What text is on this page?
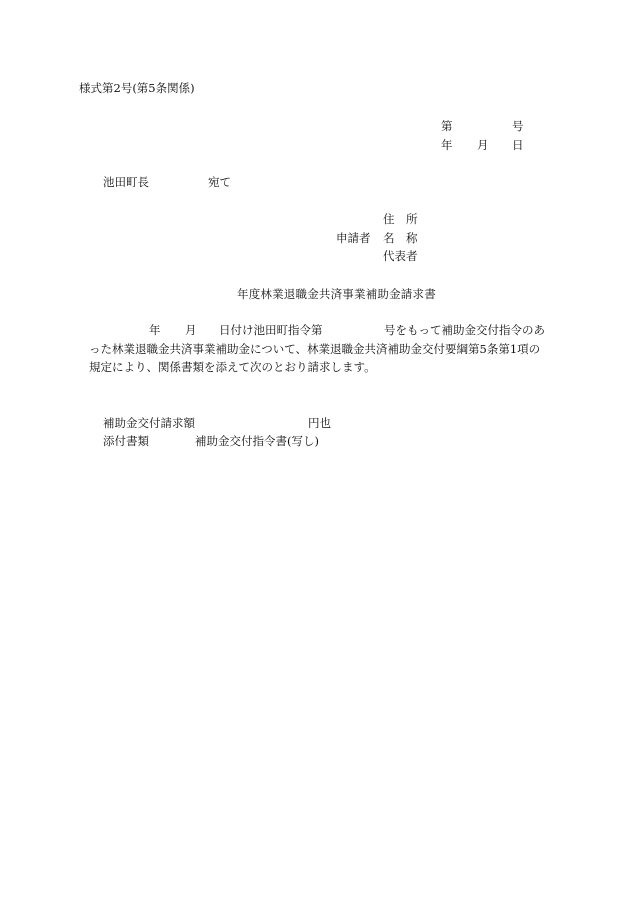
様式第2号(第5条関係)
第	号
年 月 日
池田町長	宛て
住　所
申請者 名　称
代表者
年度林業退職金共済事業補助金請求書
年 月 日付け池田町指令第	号をもって補助金交付指令のあ
った林業退職金共済事業補助金について、林業退職金共済補助金交付要綱第5条第1項の
規定により、関係書類を添えて次のとおり請求します。
補助金交付請求額	円也
添付書類	補助金交付指令書(写し)
